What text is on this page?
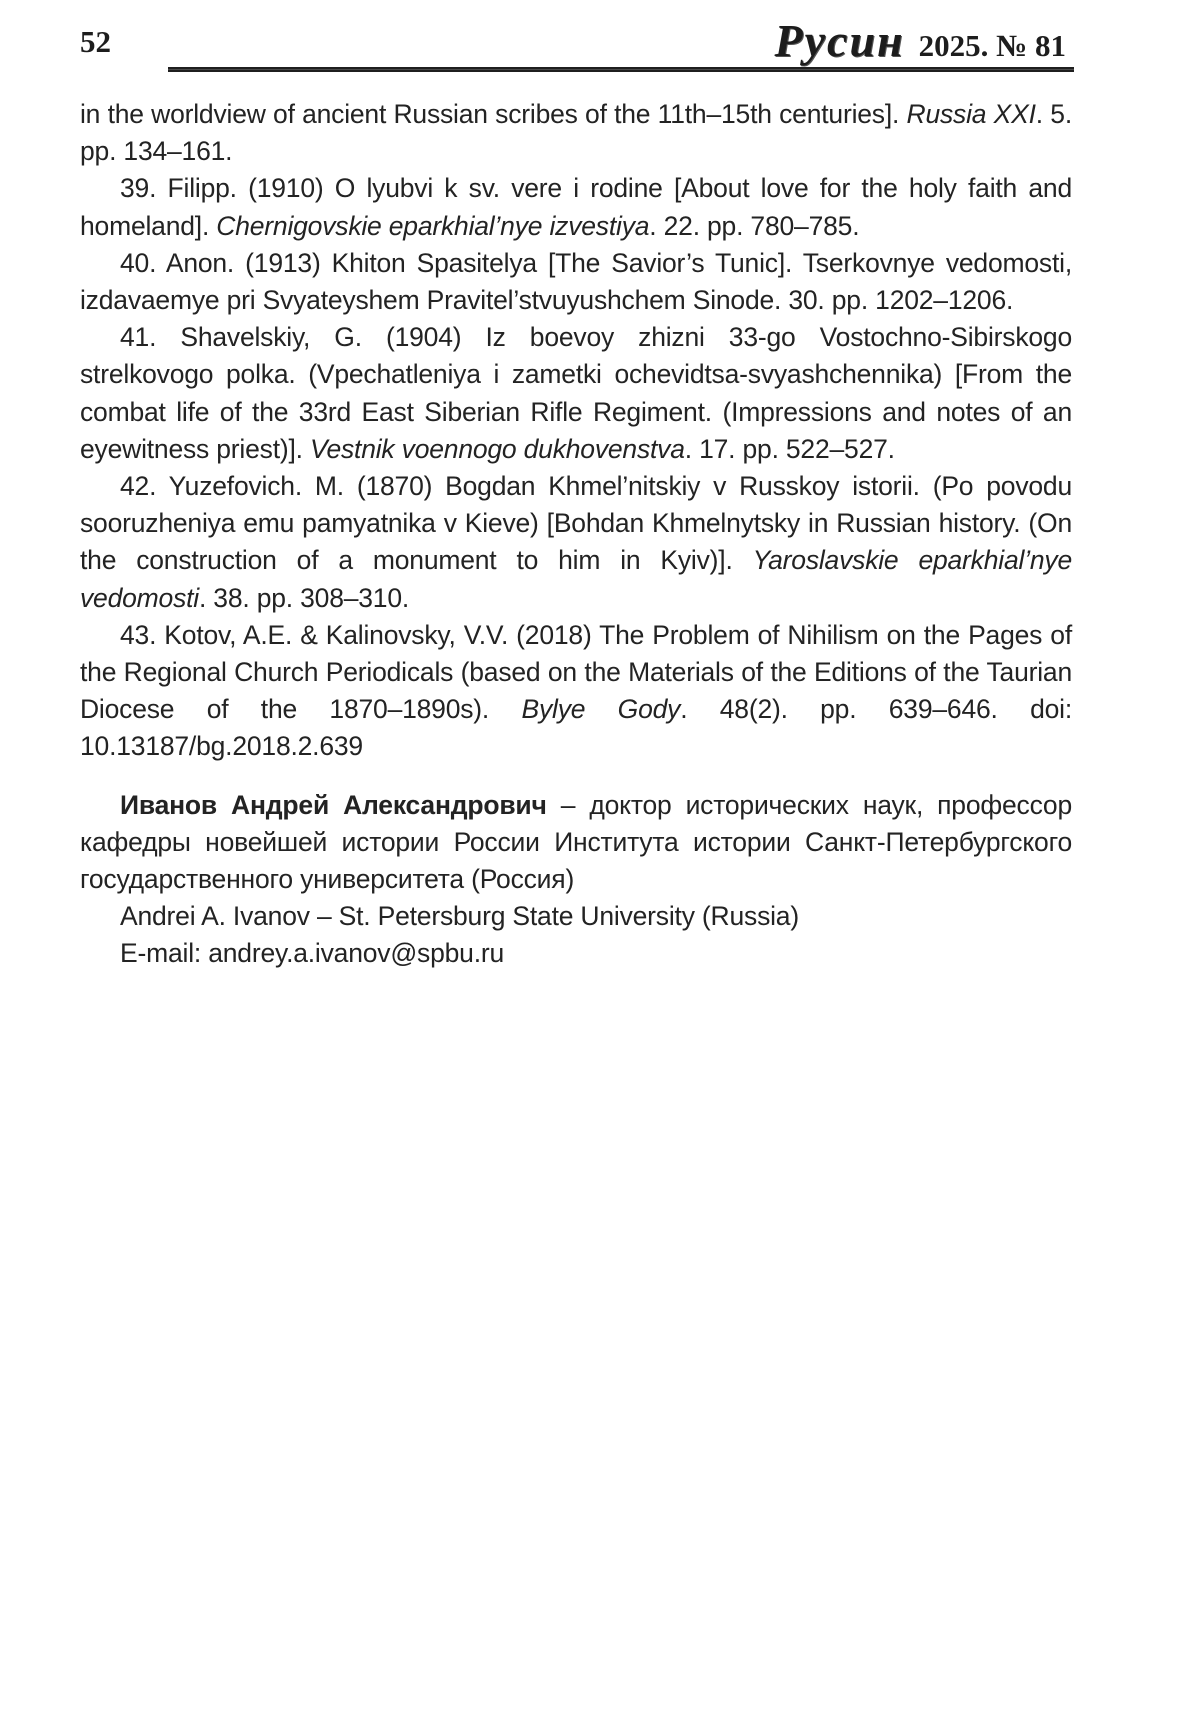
52	Русин 2025. № 81

in the worldview of ancient Russian scribes of the 11th–15th centuries]. Russia XXI. 5. pp. 134–161.

39. Filipp. (1910) O lyubvi k sv. vere i rodine [About love for the holy faith and homeland]. Chernigovskie eparkhial’nye izvestiya. 22. pp. 780–785.

40. Anon. (1913) Khiton Spasitelya [The Savior’s Tunic]. Tserkovnye vedomosti, izdavaemye pri Svyateyshem Pravitel’stvuyushchem Sinode. 30. pp. 1202–1206.

41. Shavelskiy, G. (1904) Iz boevoy zhizni 33-go Vostochno-Sibirskogo strelkovogo polka. (Vpechatleniya i zametki ochevidtsa-svyashchennika) [From the combat life of the 33rd East Siberian Rifle Regiment. (Impressions and notes of an eyewitness priest)]. Vestnik voennogo dukhovenstva. 17. pp. 522–527.

42. Yuzefovich. M. (1870) Bogdan Khmel’nitskiy v Russkoy istorii. (Po povodu sooruzheniya emu pamyatnika v Kieve) [Bohdan Khmelnytsky in Russian history. (On the construction of a monument to him in Kyiv)]. Yaroslavskie eparkhial’nye vedomosti. 38. pp. 308–310.

43. Kotov, A.E. & Kalinovsky, V.V. (2018) The Problem of Nihilism on the Pages of the Regional Church Periodicals (based on the Materials of the Editions of the Taurian Diocese of the 1870–1890s). Bylye Gody. 48(2). pp. 639–646. doi: 10.13187/bg.2018.2.639

Иванов Андрей Александрович – доктор исторических наук, профессор кафедры новейшей истории России Института истории Санкт-Петербургского государственного университета (Россия)

Andrei A. Ivanov – St. Petersburg State University (Russia)

E-mail: andrey.a.ivanov@spbu.ru
